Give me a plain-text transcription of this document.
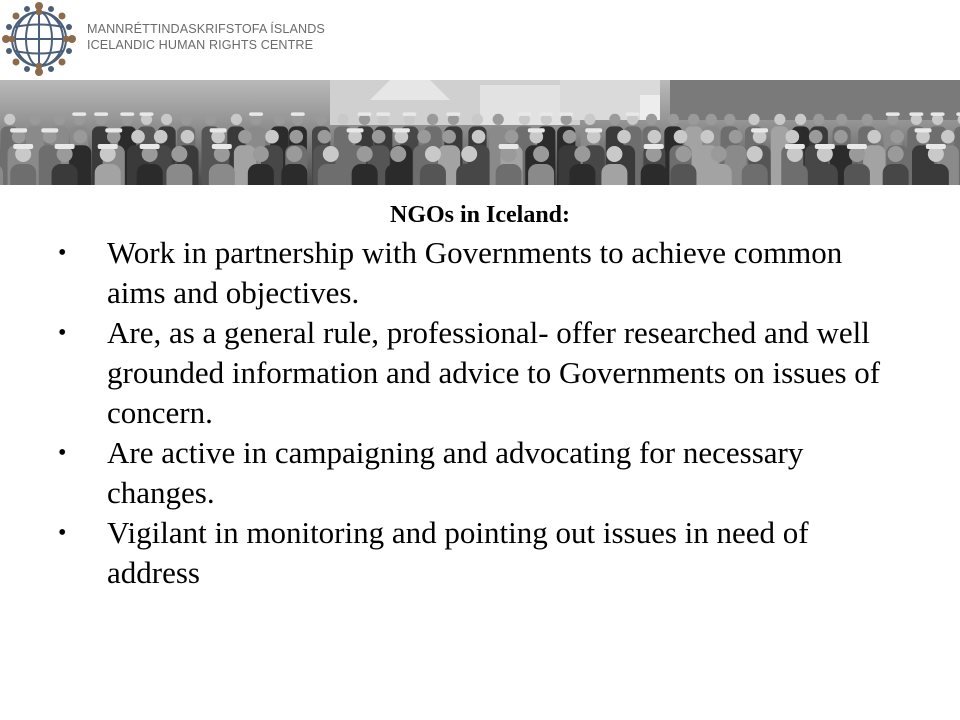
MANNRÉTTINDASKRIFSTOFA ÍSLANDS
ICELANDIC HUMAN RIGHTS CENTRE
NGOs in Iceland:
• Work in partnership with Governments to achieve common aims and objectives.
• Are, as a general rule, professional- offer researched and well grounded information and advice to Governments on issues of concern.
• Are active in campaigning and advocating for necessary changes.
• Vigilant in monitoring and pointing out issues in need of address
